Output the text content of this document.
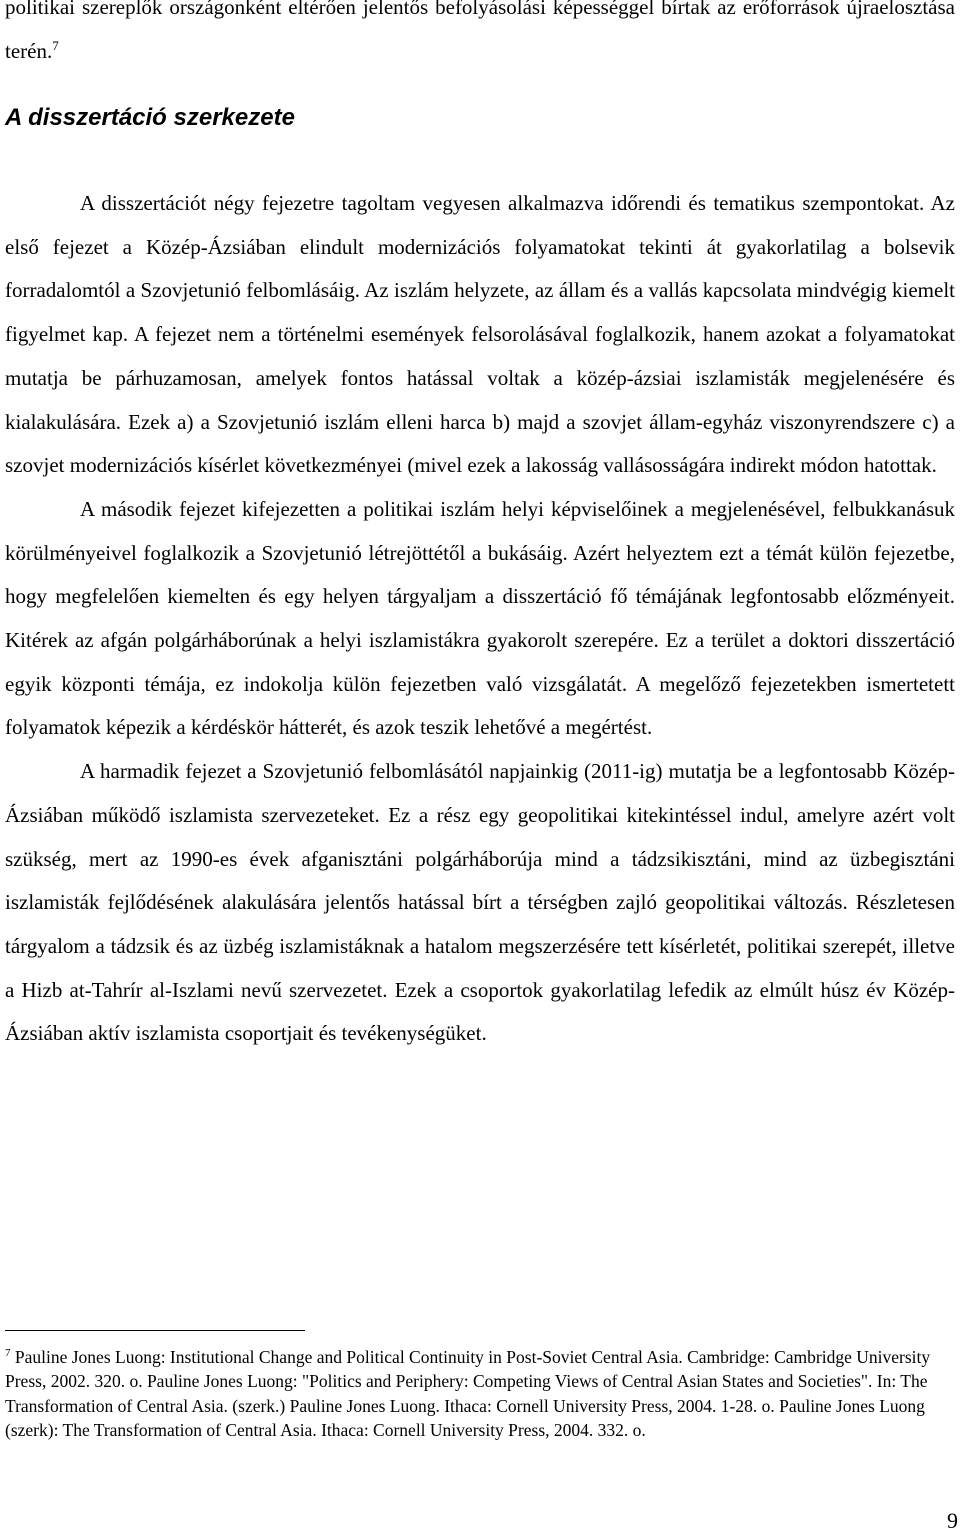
politikai szereplők országonként eltérően jelentős befolyásolási képességgel bírtak az erőforrások újraelosztása terén.$^7$

A disszertáció szerkezete

A disszertációt négy fejezetre tagoltam vegyesen alkalmazva időrendi és tematikus szempontokat. Az első fejezet a Közép-Ázsiában elindult modernizációs folyamatokat tekinti át gyakorlatilag a bolsevik forradalomtól a Szovjetunió felbomlásáig. Az iszlám helyzete, az állam és a vallás kapcsolata mindvégig kiemelt figyelmet kap. A fejezet nem a történelmi események felsorolásával foglalkozik, hanem azokat a folyamatokat mutatja be párhuzamosan, amelyek fontos hatással voltak a közép-ázsiai iszlamisták megjelenésére és kialakulására. Ezek a) a Szovjetunió iszlám elleni harca b) majd a szovjet állam-egyház viszonyrendszere c) a szovjet modernizációs kísérlet következményei (mivel ezek a lakosság vallásosságára indirekt módon hatottak.

A második fejezet kifejezetten a politikai iszlám helyi képviselőinek a megjelenésével, felbukkanásuk körülményeivel foglalkozik a Szovjetunió létrejöttétől a bukásáig. Azért helyeztem ezt a témát külön fejezetbe, hogy megfelelően kiemelten és egy helyen tárgyaljam a disszertáció fő témájának legfontosabb előzményeit. Kitérek az afgán polgárháborúnak a helyi iszlamistákra gyakorolt szerepére. Ez a terület a doktori disszertáció egyik központi témája, ez indokolja külön fejezetben való vizsgálatát. A megelőző fejezetekben ismertetett folyamatok képezik a kérdéskör hátterét, és azok teszik lehetővé a megértést.

A harmadik fejezet a Szovjetunió felbomlásától napjainkig (2011-ig) mutatja be a legfontosabb Közép-Ázsiában működő iszlamista szervezeteket. Ez a rész egy geopolitikai kitekintéssel indul, amelyre azért volt szükség, mert az 1990-es évek afganisztáni polgárháborúja mind a tádzsikisztáni, mind az üzbegisztáni iszlamisták fejlődésének alakulására jelentős hatással bírt a térségben zajló geopolitikai változás. Részletesen tárgyalom a tádzsik és az üzbég iszlamistáknak a hatalom megszerzésére tett kísérletét, politikai szerepét, illetve a Hizb at-Tahrír al-Iszlami nevű szervezetet. Ezek a csoportok gyakorlatilag lefedik az elmúlt húsz év Közép-Ázsiában aktív iszlamista csoportjait és tevékenységüket.

$^7$ Pauline Jones Luong: Institutional Change and Political Continuity in Post-Soviet Central Asia. Cambridge: Cambridge University Press, 2002. 320. o. Pauline Jones Luong: "Politics and Periphery: Competing Views of Central Asian States and Societies". In: The Transformation of Central Asia. (szerk.) Pauline Jones Luong. Ithaca: Cornell University Press, 2004. 1-28. o. Pauline Jones Luong (szerk): The Transformation of Central Asia. Ithaca: Cornell University Press, 2004. 332. o.

9
